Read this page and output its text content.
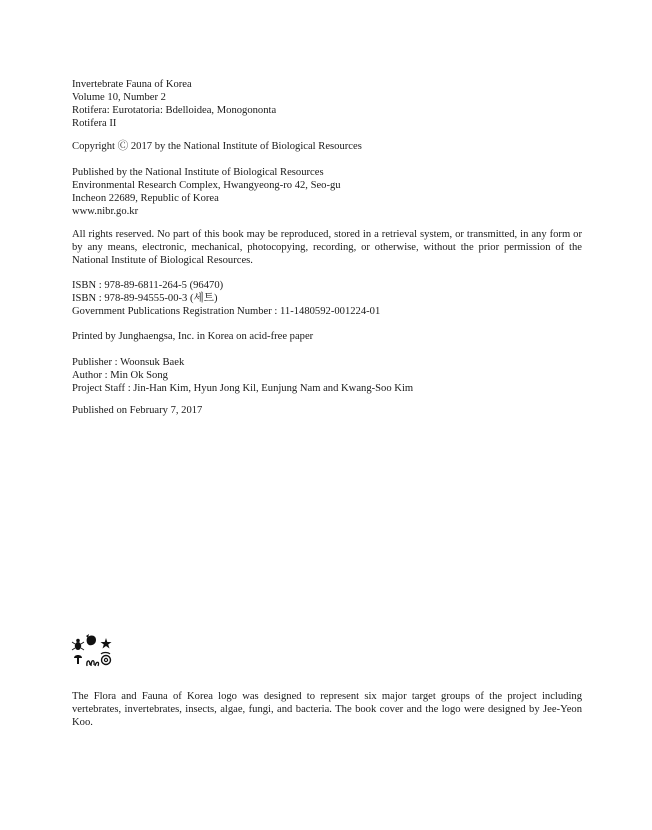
Invertebrate Fauna of Korea
Volume 10, Number 2
Rotifera: Eurotatoria: Bdelloidea, Monogononta
Rotifera II
Copyright Ⓒ 2017 by the National Institute of Biological Resources
Published by the National Institute of Biological Resources
Environmental Research Complex, Hwangyeong-ro 42, Seo-gu
Incheon 22689, Republic of Korea
www.nibr.go.kr
All rights reserved. No part of this book may be reproduced, stored in a retrieval system, or transmitted, in any form or by any means, electronic, mechanical, photocopying, recording, or otherwise, without the prior permission of the National Institute of Biological Resources.
ISBN : 978-89-6811-264-5 (96470)
ISBN : 978-89-94555-00-3 (세트)
Government Publications Registration Number : 11-1480592-001224-01
Printed by Junghaengsa, Inc. in Korea on acid-free paper
Publisher : Woonsuk Baek
Author : Min Ok Song
Project Staff : Jin-Han Kim, Hyun Jong Kil, Eunjung Nam and Kwang-Soo Kim
Published on February 7, 2017
The Flora and Fauna of Korea logo was designed to represent six major target groups of the project including vertebrates, invertebrates, insects, algae, fungi, and bacteria. The book cover and the logo were designed by Jee-Yeon Koo.
